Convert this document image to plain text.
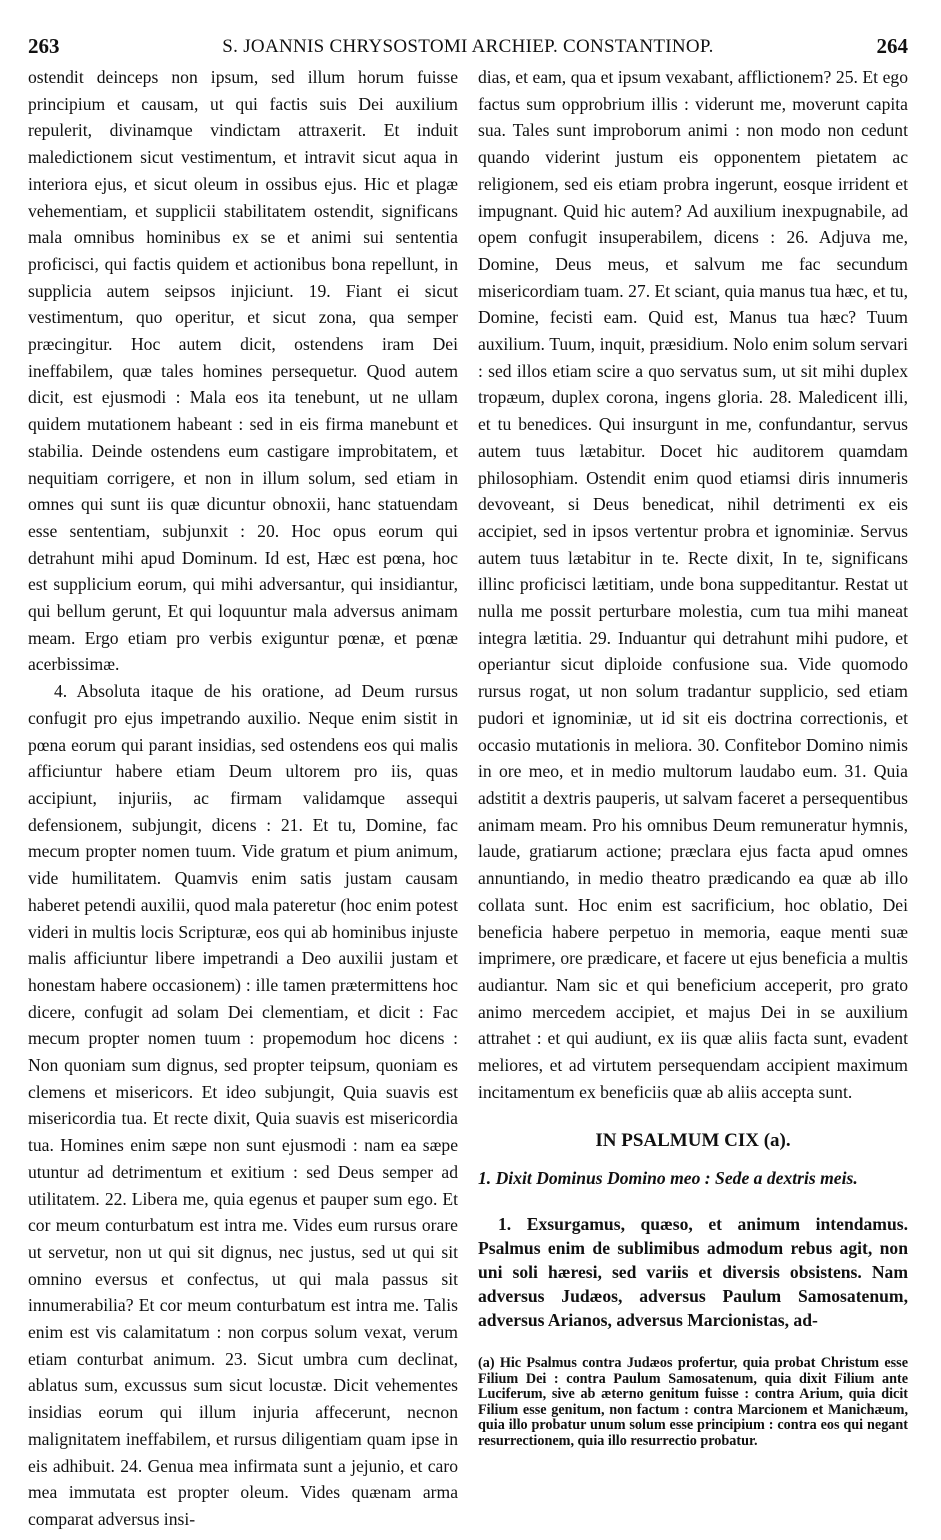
263	S. JOANNIS CHRYSOSTOMI ARCHIEP. CONSTANTINOP.	264

ostendit deinceps non ipsum, sed illum horum fuisse principium et causam, ut qui factis suis Dei auxilium repulerit, divinamque vindictam attraxerit. Et induit maledictionem sicut vestimentum, et intravit sicut aqua in interiora ejus, et sicut oleum in ossibus ejus. Hic et plagæ vehementiam, et supplicii stabilitatem ostendit, significans mala omnibus hominibus ex se et animi sui sententia proficisci, qui factis quidem et actionibus bona repellunt, in supplicia autem seipsos injiciunt. 19. Fiant ei sicut vestimentum, quo operitur, et sicut zona, qua semper præcingitur. Hoc autem dicit, ostendens iram Dei ineffabilem, quæ tales homines persequetur. Quod autem dicit, est ejusmodi : Mala eos ita tenebunt, ut ne ullam quidem mutationem habeant : sed in eis firma manebunt et stabilia. Deinde ostendens eum castigare improbitatem, et nequitiam corrigere, et non in illum solum, sed etiam in omnes qui sunt iis quæ dicuntur obnoxii, hanc statuendam esse sententiam, subjunxit : 20. Hoc opus eorum qui detrahunt mihi apud Dominum. Id est, Hæc est pœna, hoc est supplicium eorum, qui mihi adversantur, qui insidiantur, qui bellum gerunt, Et qui loquuntur mala adversus animam meam. Ergo etiam pro verbis exiguntur pœnæ, et pœnæ acerbissimæ.

4. Absoluta itaque de his oratione, ad Deum rursus confugit pro ejus impetrando auxilio. Neque enim sistit in pœna eorum qui parant insidias, sed ostendens eos qui malis afficiuntur habere etiam Deum ultorem pro iis, quas accipiunt, injuriis, ac firmam validamque assequi defensionem, subjungit, dicens : 21. Et tu, Domine, fac mecum propter nomen tuum. Vide gratum et pium animum, vide humilitatem. Quamvis enim satis justam causam haberet petendi auxilii, quod mala pateretur (hoc enim potest videri in multis locis Scripturæ, eos qui ab hominibus injuste malis afficiuntur libere impetrandi a Deo auxilii justam et honestam habere occasionem) : ille tamen prætermittens hoc dicere, confugit ad solam Dei clementiam, et dicit : Fac mecum propter nomen tuum : propemodum hoc dicens : Non quoniam sum dignus, sed propter teipsum, quoniam es clemens et misericors. Et ideo subjungit, Quia suavis est misericordia tua. Et recte dixit, Quia suavis est misericordia tua. Homines enim sæpe non sunt ejusmodi : nam ea sæpe utuntur ad detrimentum et exitium : sed Deus semper ad utilitatem. 22. Libera me, quia egenus et pauper sum ego. Et cor meum conturbatum est intra me. Vides eum rursus orare ut servetur, non ut qui sit dignus, nec justus, sed ut qui sit omnino eversus et confectus, ut qui mala passus sit innumerabilia? Et cor meum conturbatum est intra me. Talis enim est vis calamitatum : non corpus solum vexat, verum etiam conturbat animum. 23. Sicut umbra cum declinat, ablatus sum, excussus sum sicut locustæ. Dicit vehementes insidias eorum qui illum injuria affecerunt, necnon malignitatem ineffabilem, et rursus diligentiam quam ipse in eis adhibuit. 24. Genua mea infirmata sunt a jejunio, et caro mea immutata est propter oleum. Vides quænam arma comparat adversus insi-

dias, et eam, qua et ipsum vexabant, afflictionem? 25. Et ego factus sum opprobrium illis : viderunt me, moverunt capita sua. Tales sunt improborum animi : non modo non cedunt quando viderint justum eis opponentem pietatem ac religionem, sed eis etiam probra ingerunt, eosque irrident et impugnant. Quid hic autem? Ad auxilium inexpugnabile, ad opem confugit insuperabilem, dicens : 26. Adjuva me, Domine, Deus meus, et salvum me fac secundum misericordiam tuam. 27. Et sciant, quia manus tua hæc, et tu, Domine, fecisti eam. Quid est, Manus tua hæc? Tuum auxilium. Tuum, inquit, præsidium. Nolo enim solum servari : sed illos etiam scire a quo servatus sum, ut sit mihi duplex tropæum, duplex corona, ingens gloria. 28. Maledicent illi, et tu benedices. Qui insurgunt in me, confundantur, servus autem tuus lætabitur. Docet hic auditorem quamdam philosophiam. Ostendit enim quod etiamsi diris innumeris devoveant, si Deus benedicat, nihil detrimenti ex eis accipiet, sed in ipsos vertentur probra et ignominiæ. Servus autem tuus lætabitur in te. Recte dixit, In te, significans illinc proficisci lætitiam, unde bona suppeditantur. Restat ut nulla me possit perturbare molestia, cum tua mihi maneat integra lætitia. 29. Induantur qui detrahunt mihi pudore, et operiantur sicut diploide confusione sua. Vide quomodo rursus rogat, ut non solum tradantur supplicio, sed etiam pudori et ignominiæ, ut id sit eis doctrina correctionis, et occasio mutationis in meliora. 30. Confitebor Domino nimis in ore meo, et in medio multorum laudabo eum. 31. Quia adstitit a dextris pauperis, ut salvam faceret a persequentibus animam meam. Pro his omnibus Deum remuneratur hymnis, laude, gratiarum actione; præclara ejus facta apud omnes annuntiando, in medio theatro prædicando ea quæ ab illo collata sunt. Hoc enim est sacrificium, hoc oblatio, Dei beneficia habere perpetuo in memoria, eaque menti suæ imprimere, ore prædicare, et facere ut ejus beneficia a multis audiantur. Nam sic et qui beneficium acceperit, pro grato animo mercedem accipiet, et majus Dei in se auxilium attrahet : et qui audiunt, ex iis quæ aliis facta sunt, evadent meliores, et ad virtutem persequendam accipient maximum incitamentum ex beneficiis quæ ab aliis accepta sunt.

IN PSALMUM CIX (a).
1. Dixit Dominus Domino meo : Sede a dextris meis.
1. Exsurgamus, quæso, et animum intendamus. Psalmus enim de sublimibus admodum rebus agit, non uni soli hæresi, sed variis et diversis obsistens. Nam adversus Judæos, adversus Paulum Samosatenum, adversus Arianos, adversus Marcionistas, ad-
(a) Hic Psalmus contra Judæos profertur, quia probat Christum esse Filium Dei : contra Paulum Samosatenum, quia dixit Filium ante Luciferum, sive ab æterno genitum fuisse : contra Arium, quia dicit Filium esse genitum, non factum : contra Marcionem et Manichæum, quia illo probatur unum solum esse principium : contra eos qui negant resurrectionem, quia illo resurrectio probatur.
